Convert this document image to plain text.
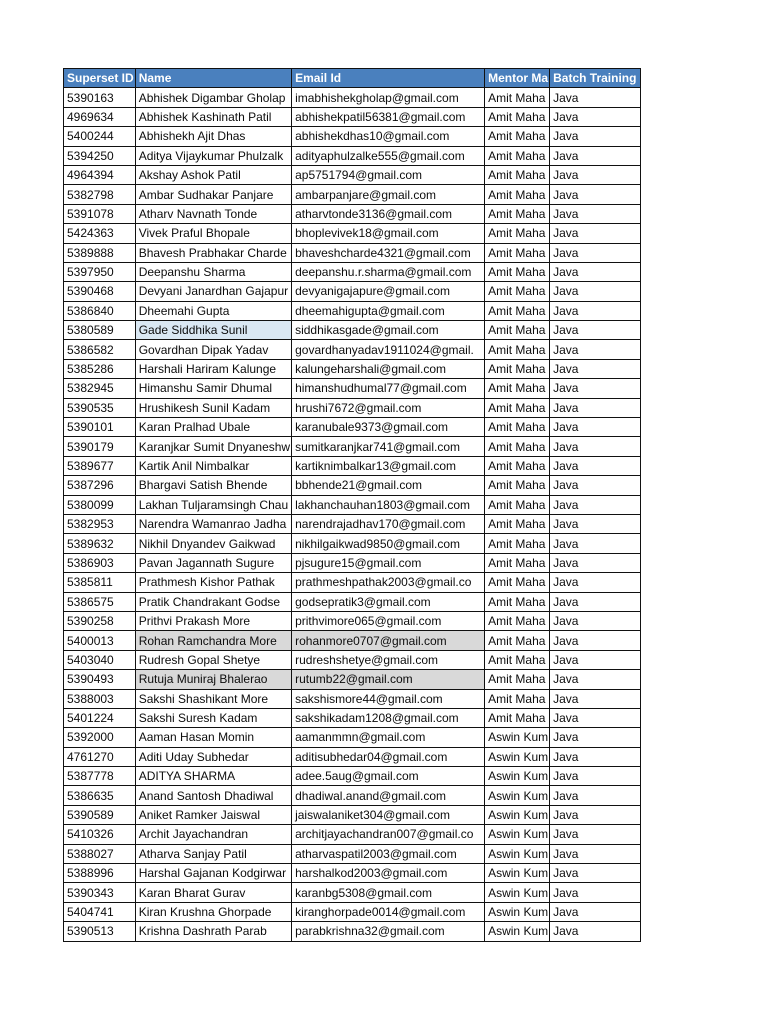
Superset ID	Name	Email Id	Mentor Ma	Batch Training
5390163	Abhishek Digambar Gholap	imabhishekgholap@gmail.com	Amit Maha	Java
4969634	Abhishek Kashinath Patil	abhishekpatil56381@gmail.com	Amit Maha	Java
5400244	Abhishekh Ajit Dhas	abhishekdhas10@gmail.com	Amit Maha	Java
5394250	Aditya Vijaykumar Phulzalk	adityaphulzalke555@gmail.com	Amit Maha	Java
4964394	Akshay Ashok Patil	ap5751794@gmail.com	Amit Maha	Java
5382798	Ambar Sudhakar Panjare	ambarpanjare@gmail.com	Amit Maha	Java
5391078	Atharv Navnath Tonde	atharvtonde3136@gmail.com	Amit Maha	Java
5424363	Vivek Praful Bhopale	bhoplevivek18@gmail.com	Amit Maha	Java
5389888	Bhavesh Prabhakar Charde	bhaveshcharde4321@gmail.com	Amit Maha	Java
5397950	Deepanshu Sharma	deepanshu.r.sharma@gmail.com	Amit Maha	Java
5390468	Devyani Janardhan Gajapur	devyanigajapure@gmail.com	Amit Maha	Java
5386840	Dheemahi Gupta	dheemahigupta@gmail.com	Amit Maha	Java
5380589	Gade Siddhika Sunil	siddhikasgade@gmail.com	Amit Maha	Java
5386582	Govardhan Dipak Yadav	govardhanyadav1911024@gmail.	Amit Maha	Java
5385286	Harshali Hariram Kalunge	kalungeharshali@gmail.com	Amit Maha	Java
5382945	Himanshu Samir Dhumal	himanshudhumal77@gmail.com	Amit Maha	Java
5390535	Hrushikesh Sunil Kadam	hrushi7672@gmail.com	Amit Maha	Java
5390101	Karan Pralhad Ubale	karanubale9373@gmail.com	Amit Maha	Java
5390179	Karanjkar Sumit Dnyaneshw	sumitkaranjkar741@gmail.com	Amit Maha	Java
5389677	Kartik Anil Nimbalkar	kartiknimbalkar13@gmail.com	Amit Maha	Java
5387296	Bhargavi Satish Bhende	bbhende21@gmail.com	Amit Maha	Java
5380099	Lakhan Tuljaramsingh Chau	lakhanchauhan1803@gmail.com	Amit Maha	Java
5382953	Narendra Wamanrao Jadha	narendrajadhav170@gmail.com	Amit Maha	Java
5389632	Nikhil Dnyandev Gaikwad	nikhilgaikwad9850@gmail.com	Amit Maha	Java
5386903	Pavan Jagannath Sugure	pjsugure15@gmail.com	Amit Maha	Java
5385811	Prathmesh Kishor Pathak	prathmeshpathak2003@gmail.co	Amit Maha	Java
5386575	Pratik Chandrakant Godse	godsepratik3@gmail.com	Amit Maha	Java
5390258	Prithvi Prakash More	prithvimore065@gmail.com	Amit Maha	Java
5400013	Rohan Ramchandra More	rohanmore0707@gmail.com	Amit Maha	Java
5403040	Rudresh Gopal Shetye	rudreshshetye@gmail.com	Amit Maha	Java
5390493	Rutuja Muniraj Bhalerao	rutumb22@gmail.com	Amit Maha	Java
5388003	Sakshi Shashikant More	sakshismore44@gmail.com	Amit Maha	Java
5401224	Sakshi Suresh Kadam	sakshikadam1208@gmail.com	Amit Maha	Java
5392000	Aaman Hasan Momin	aamanmmn@gmail.com	Aswin Kum	Java
4761270	Aditi Uday Subhedar	aditisubhedar04@gmail.com	Aswin Kum	Java
5387778	ADITYA SHARMA	adee.5aug@gmail.com	Aswin Kum	Java
5386635	Anand Santosh Dhadiwal	dhadiwal.anand@gmail.com	Aswin Kum	Java
5390589	Aniket Ramker Jaiswal	jaiswalaniket304@gmail.com	Aswin Kum	Java
5410326	Archit Jayachandran	architjayachandran007@gmail.co	Aswin Kum	Java
5388027	Atharva Sanjay Patil	atharvaspatil2003@gmail.com	Aswin Kum	Java
5388996	Harshal Gajanan Kodgirwar	harshalkod2003@gmail.com	Aswin Kum	Java
5390343	Karan Bharat Gurav	karanbg5308@gmail.com	Aswin Kum	Java
5404741	Kiran Krushna Ghorpade	kiranghorpade0014@gmail.com	Aswin Kum	Java
5390513	Krishna Dashrath Parab	parabkrishna32@gmail.com	Aswin Kum	Java
